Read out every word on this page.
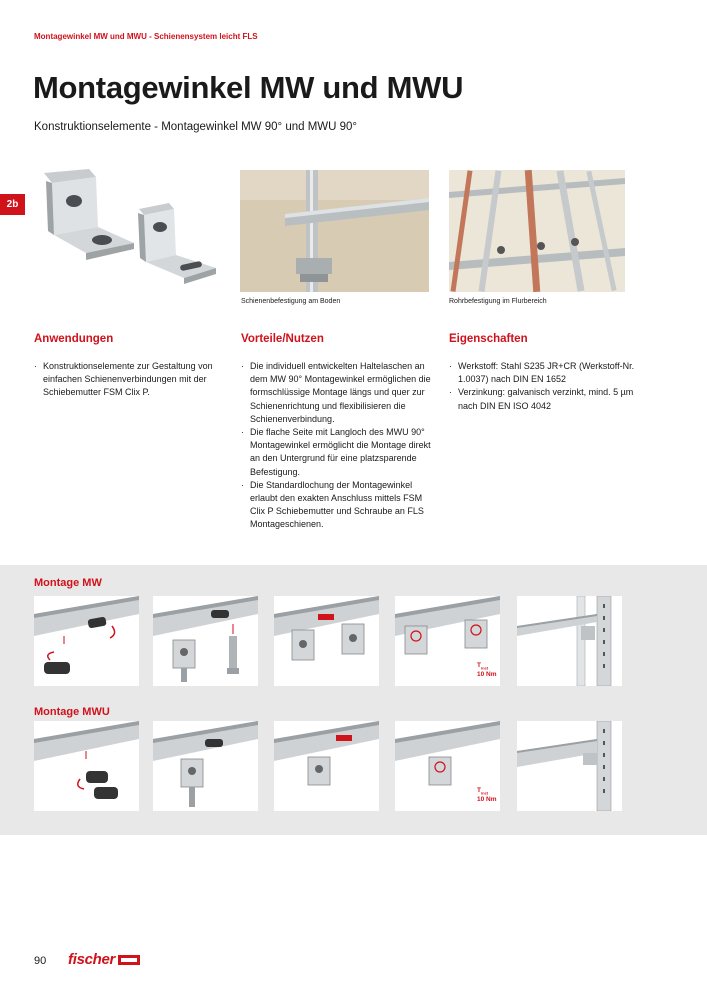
Montagewinkel MW und MWU - Schienensystem leicht FLS
Montagewinkel MW und MWU
Konstruktionselemente - Montagewinkel MW 90° und MWU 90°
2b
Schienenbefestigung am Boden	Rohrbefestigung im Flurbereich
Anwendungen
· Konstruktionselemente zur Gestaltung von einfachen Schienenverbindungen mit der Schiebemutter FSM Clix P.
Vorteile/Nutzen
· Die individuell entwickelten Haltelaschen an dem MW 90° Montagewinkel ermöglichen die formschlüssige Montage längs und quer zur Schienenrichtung und flexibilisieren die Schienenverbindung.
· Die flache Seite mit Langloch des MWU 90° Montagewinkel ermöglicht die Montage direkt an den Untergrund für eine platzsparende Befestigung.
· Die Standardlochung der Montagewinkel erlaubt den exakten Anschluss mittels FSM Clix P Schiebemutter und Schraube an FLS Montageschienen.
Eigenschaften
· Werkstoff: Stahl S235 JR+CR (Werkstoff-Nr. 1.0037) nach DIN EN 1652
· Verzinkung: galvanisch verzinkt, mind. 5 µm nach DIN EN ISO 4042
Montage MW
Montage MWU
$T_{inst}$
10 Nm
$T_{inst}$
10 Nm
90 fischer
